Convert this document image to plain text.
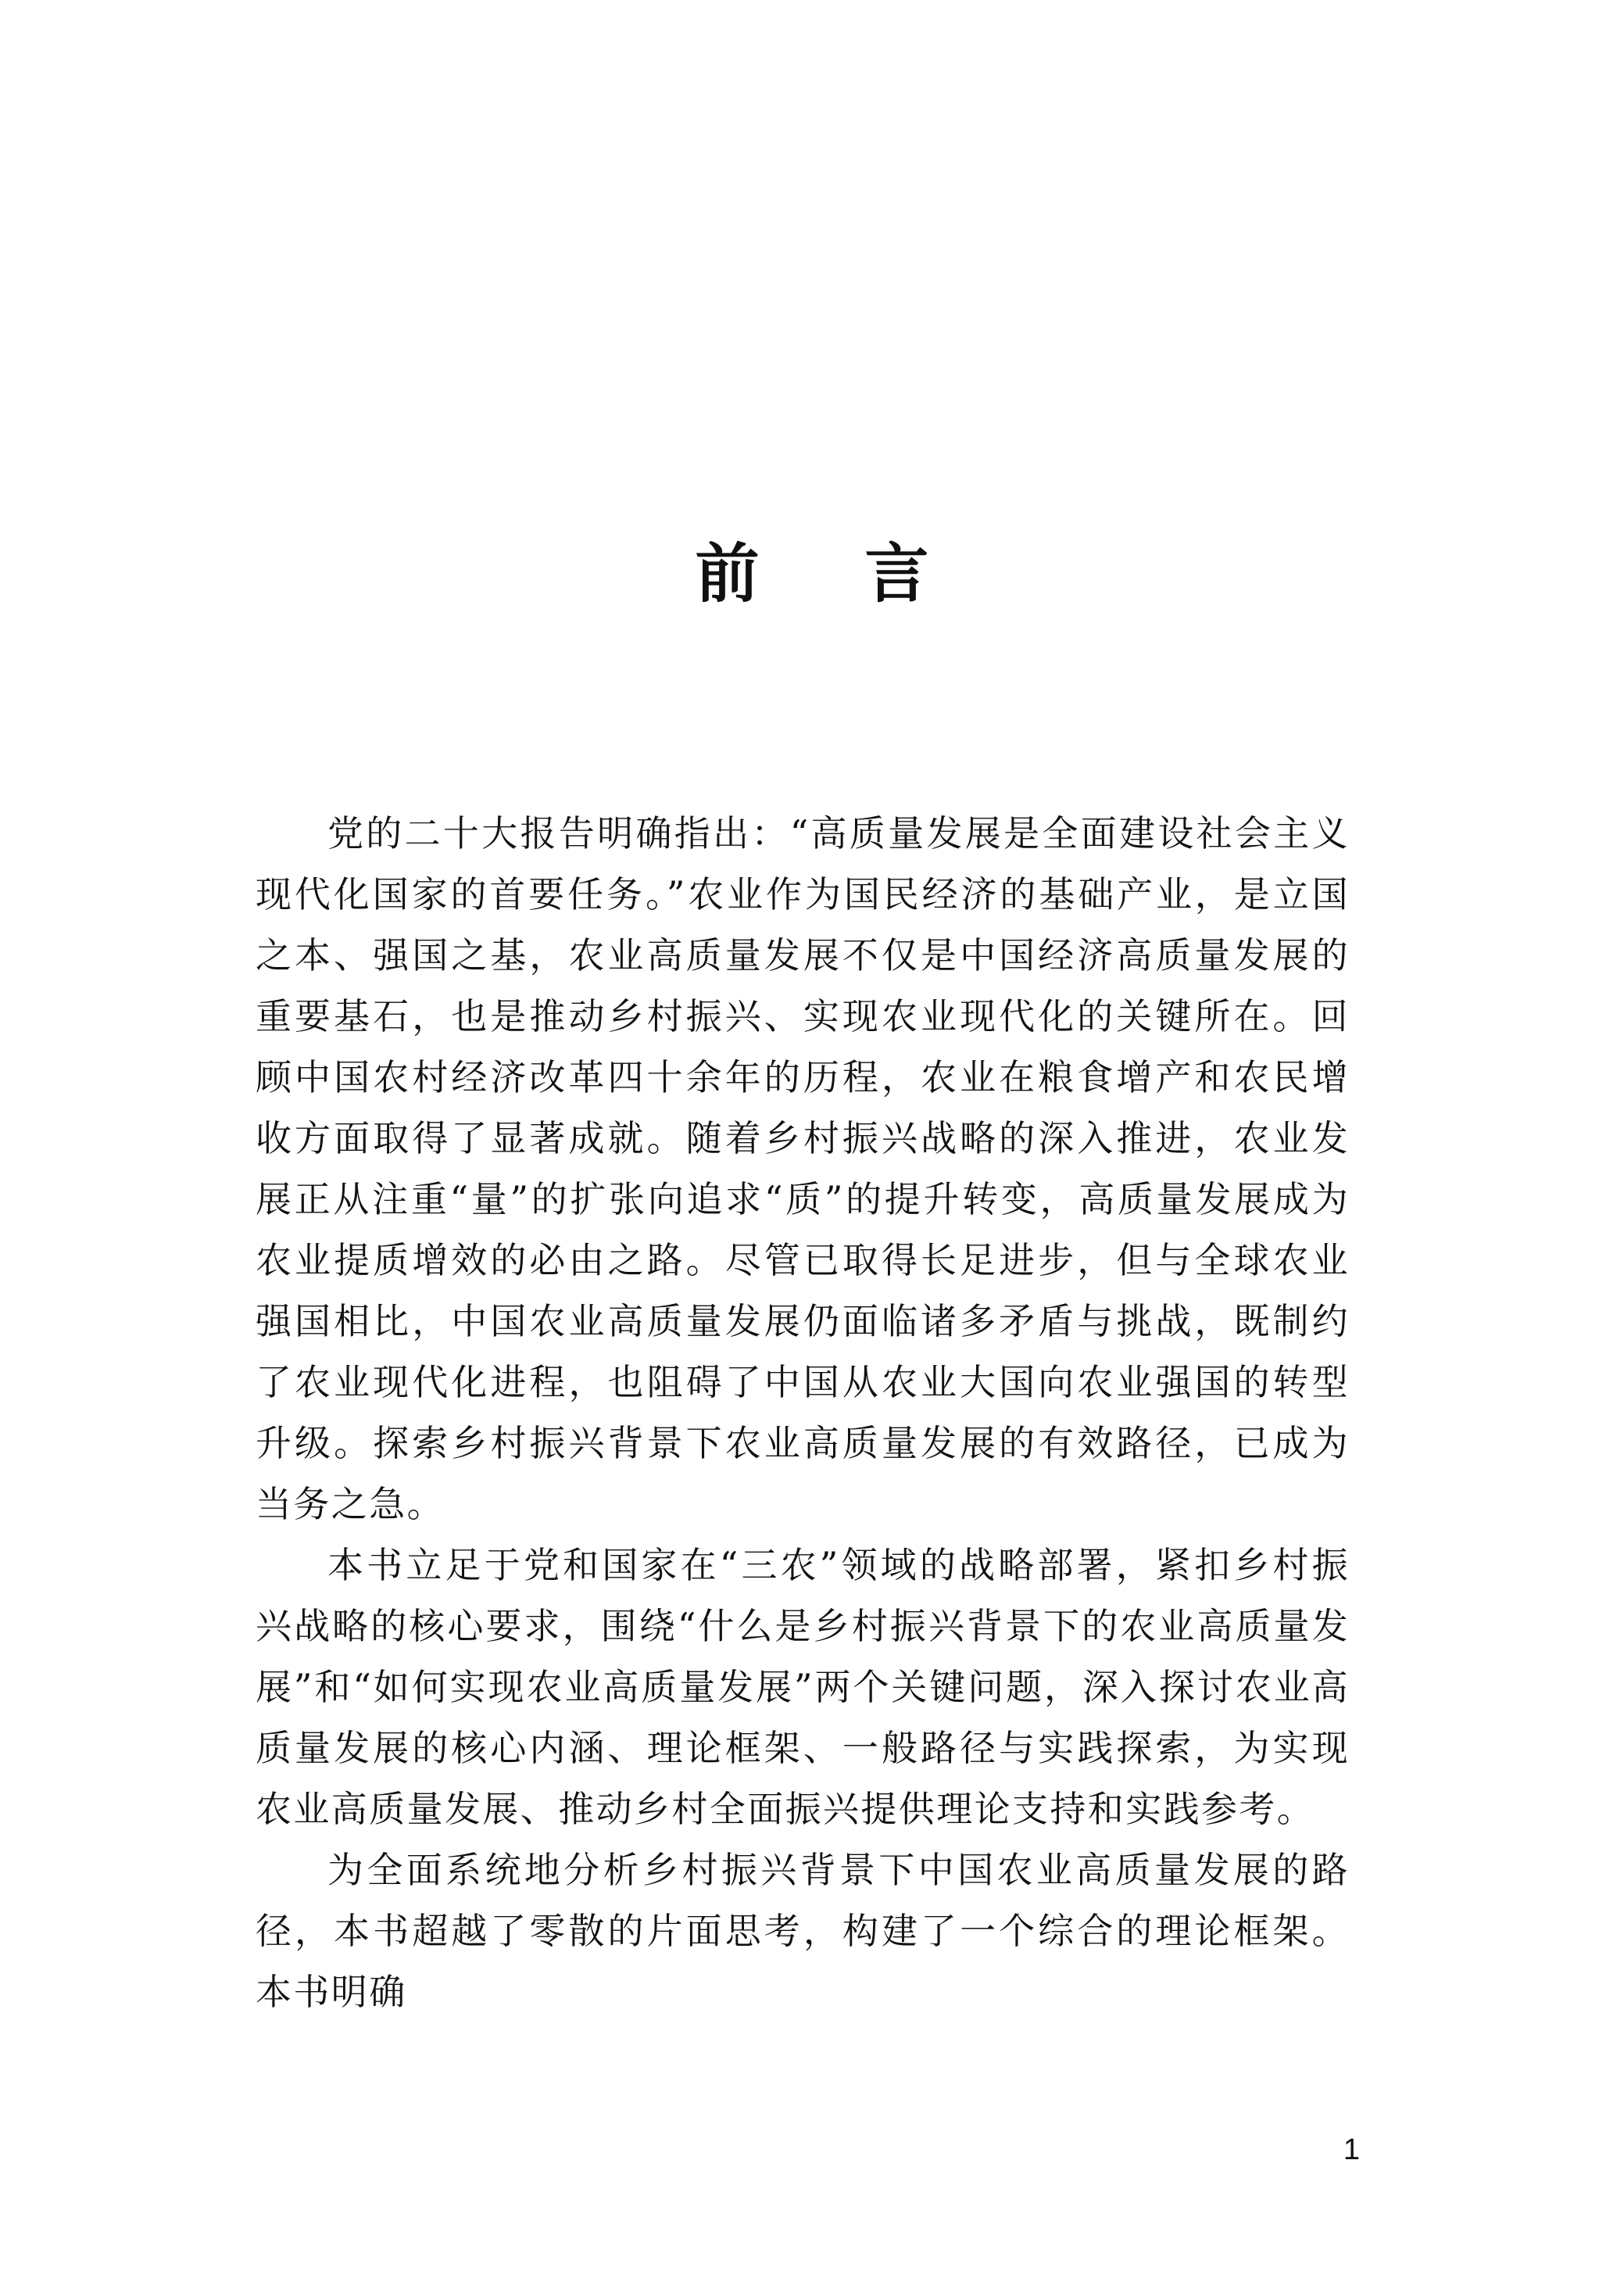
前言

党的二十大报告明确指出：“高质量发展是全面建设社会主义现代化国家的首要任务。”农业作为国民经济的基础产业，是立国之本、强国之基，农业高质量发展不仅是中国经济高质量发展的重要基石，也是推动乡村振兴、实现农业现代化的关键所在。回顾中国农村经济改革四十余年的历程，农业在粮食增产和农民增收方面取得了显著成就。随着乡村振兴战略的深入推进，农业发展正从注重“量”的扩张向追求“质”的提升转变，高质量发展成为农业提质增效的必由之路。尽管已取得长足进步，但与全球农业强国相比，中国农业高质量发展仍面临诸多矛盾与挑战，既制约了农业现代化进程，也阻碍了中国从农业大国向农业强国的转型升级。探索乡村振兴背景下农业高质量发展的有效路径，已成为当务之急。

本书立足于党和国家在“三农”领域的战略部署，紧扣乡村振兴战略的核心要求，围绕“什么是乡村振兴背景下的农业高质量发展”和“如何实现农业高质量发展”两个关键问题，深入探讨农业高质量发展的核心内涵、理论框架、一般路径与实践探索，为实现农业高质量发展、推动乡村全面振兴提供理论支持和实践参考。

为全面系统地分析乡村振兴背景下中国农业高质量发展的路径，本书超越了零散的片面思考，构建了一个综合的理论框架。本书明确

1
